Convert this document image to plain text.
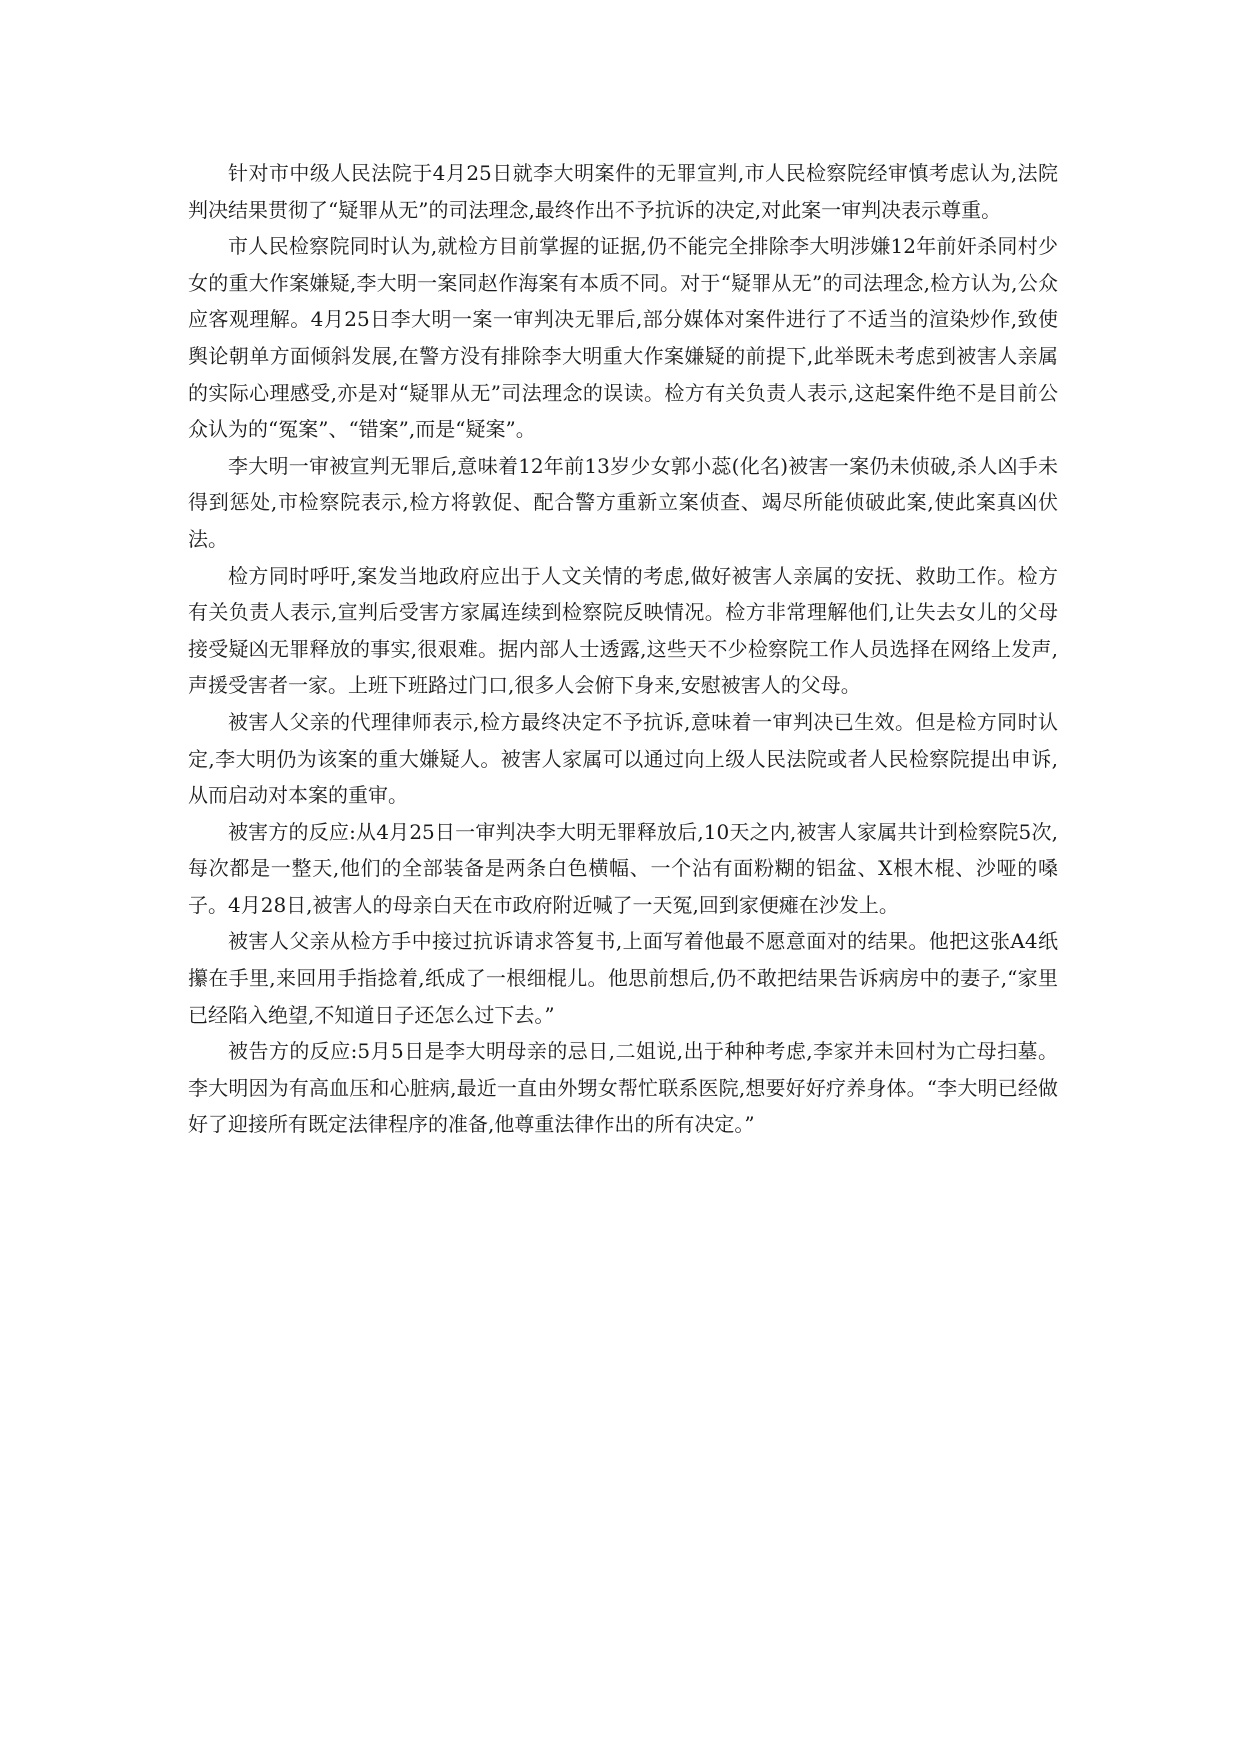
针对市中级人民法院于4月25日就李大明案件的无罪宣判,市人民检察院经审慎考虑认为,法院判决结果贯彻了“疑罪从无”的司法理念,最终作出不予抗诉的决定,对此案一审判决表示尊重。

市人民检察院同时认为,就检方目前掌握的证据,仍不能完全排除李大明涉嫌12年前奸杀同村少女的重大作案嫌疑,李大明一案同赵作海案有本质不同。对于“疑罪从无”的司法理念,检方认为,公众应客观理解。4月25日李大明一案一审判决无罪后,部分媒体对案件进行了不适当的渲染炒作,致使舆论朝单方面倾斜发展,在警方没有排除李大明重大作案嫌疑的前提下,此举既未考虑到被害人亲属的实际心理感受,亦是对“疑罪从无”司法理念的误读。检方有关负责人表示,这起案件绝不是目前公众认为的“冤案”、“错案”,而是“疑案”。

李大明一审被宣判无罪后,意味着12年前13岁少女郭小蕊(化名)被害一案仍未侦破,杀人凶手未得到惩处,市检察院表示,检方将敦促、配合警方重新立案侦查、竭尽所能侦破此案,使此案真凶伏法。

检方同时呼吁,案发当地政府应出于人文关情的考虑,做好被害人亲属的安抚、救助工作。检方有关负责人表示,宣判后受害方家属连续到检察院反映情况。检方非常理解他们,让失去女儿的父母接受疑凶无罪释放的事实,很艰难。据内部人士透露,这些天不少检察院工作人员选择在网络上发声,声援受害者一家。上班下班路过门口,很多人会俯下身来,安慰被害人的父母。

被害人父亲的代理律师表示,检方最终决定不予抗诉,意味着一审判决已生效。但是检方同时认定,李大明仍为该案的重大嫌疑人。被害人家属可以通过向上级人民法院或者人民检察院提出申诉,从而启动对本案的重审。

被害方的反应:从4月25日一审判决李大明无罪释放后,10天之内,被害人家属共计到检察院5次,每次都是一整天,他们的全部装备是两条白色横幅、一个沾有面粉糊的铝盆、X根木棍、沙哑的嗓子。4月28日,被害人的母亲白天在市政府附近喊了一天冤,回到家便瘫在沙发上。

被害人父亲从检方手中接过抗诉请求答复书,上面写着他最不愿意面对的结果。他把这张A4纸攥在手里,来回用手指捻着,纸成了一根细棍儿。他思前想后,仍不敢把结果告诉病房中的妻子,“家里已经陷入绝望,不知道日子还怎么过下去。”

被告方的反应:5月5日是李大明母亲的忌日,二姐说,出于种种考虑,李家并未回村为亡母扫墓。李大明因为有高血压和心脏病,最近一直由外甥女帮忙联系医院,想要好好疗养身体。“李大明已经做好了迎接所有既定法律程序的准备,他尊重法律作出的所有决定。”
